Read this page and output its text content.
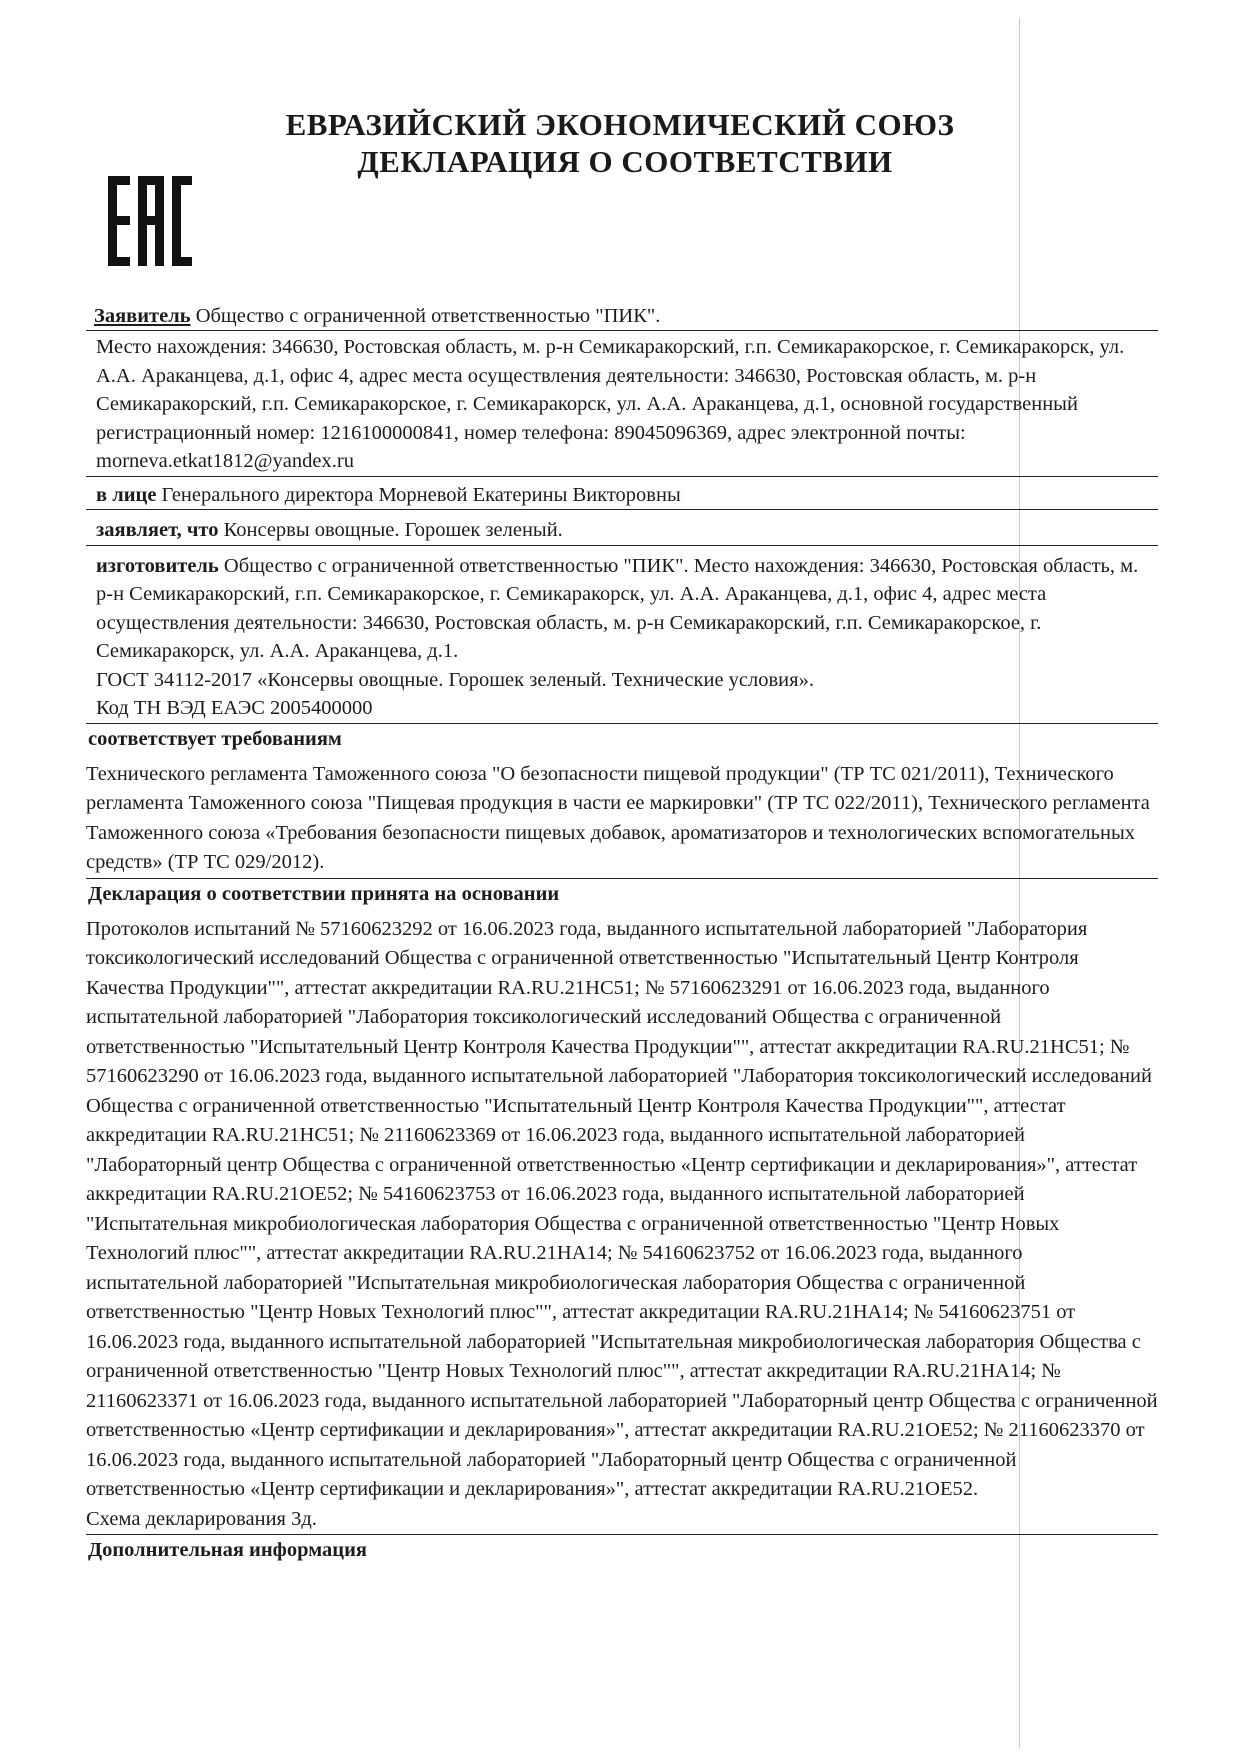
ЕВРАЗИЙСКИЙ ЭКОНОМИЧЕСКИЙ СОЮЗ
ДЕКЛАРАЦИЯ О СООТВЕТСТВИИ
Заявитель Общество с ограниченной ответственностью "ПИК".
Место нахождения: 346630, Ростовская область, м. р-н Семикаракорский, г.п. Семикаракорское, г. Семикаракорск, ул. А.А. Араканцева, д.1, офис 4, адрес места осуществления деятельности: 346630, Ростовская область, м. р-н Семикаракорский, г.п. Семикаракорское, г. Семикаракорск, ул. А.А. Араканцева, д.1, основной государственный регистрационный номер: 1216100000841, номер телефона: 89045096369, адрес электронной почты: morneva.etkat1812@yandex.ru
в лице Генерального директора Морневой Екатерины Викторовны
заявляет, что Консервы овощные. Горошек зеленый.
изготовитель Общество с ограниченной ответственностью "ПИК". Место нахождения: 346630, Ростовская область, м. р-н Семикаракорский, г.п. Семикаракорское, г. Семикаракорск, ул. А.А. Араканцева, д.1, офис 4, адрес места осуществления деятельности: 346630, Ростовская область, м. р-н Семикаракорский, г.п. Семикаракорское, г. Семикаракорск, ул. А.А. Араканцева, д.1.
ГОСТ 34112-2017 «Консервы овощные. Горошек зеленый. Технические условия».
Код ТН ВЭД ЕАЭС 2005400000
соответствует требованиям
Технического регламента Таможенного союза "О безопасности пищевой продукции" (ТР ТС 021/2011), Технического регламента Таможенного союза "Пищевая продукция в части ее маркировки" (ТР ТС 022/2011), Технического регламента Таможенного союза «Требования безопасности пищевых добавок, ароматизаторов и технологических вспомогательных средств» (ТР ТС 029/2012).
Декларация о соответствии принята на основании
Протоколов испытаний № 57160623292 от 16.06.2023 года, выданного испытательной лабораторией "Лаборатория токсикологический исследований Общества с ограниченной ответственностью "Испытательный Центр Контроля Качества Продукции"", аттестат аккредитации RA.RU.21НС51; № 57160623291 от 16.06.2023 года, выданного испытательной лабораторией "Лаборатория токсикологический исследований Общества с ограниченной ответственностью "Испытательный Центр Контроля Качества Продукции"", аттестат аккредитации RA.RU.21НС51; № 57160623290 от 16.06.2023 года, выданного испытательной лабораторией "Лаборатория токсикологический исследований Общества с ограниченной ответственностью "Испытательный Центр Контроля Качества Продукции"", аттестат аккредитации RA.RU.21НС51; № 21160623369 от 16.06.2023 года, выданного испытательной лабораторией "Лабораторный центр Общества с ограниченной ответственностью «Центр сертификации и декларирования»", аттестат аккредитации RA.RU.21ОЕ52; № 54160623753 от 16.06.2023 года, выданного испытательной лабораторией "Испытательная микробиологическая лаборатория Общества с ограниченной ответственностью "Центр Новых Технологий плюс"", аттестат аккредитации RA.RU.21НА14; № 54160623752 от 16.06.2023 года, выданного испытательной лабораторией "Испытательная микробиологическая лаборатория Общества с ограниченной ответственностью "Центр Новых Технологий плюс"", аттестат аккредитации RA.RU.21НА14; № 54160623751 от 16.06.2023 года, выданного испытательной лабораторией "Испытательная микробиологическая лаборатория Общества с ограниченной ответственностью "Центр Новых Технологий плюс"", аттестат аккредитации RA.RU.21НА14; № 21160623371 от 16.06.2023 года, выданного испытательной лабораторией "Лабораторный центр Общества с ограниченной ответственностью «Центр сертификации и декларирования»", аттестат аккредитации RA.RU.21ОЕ52; № 21160623370 от 16.06.2023 года, выданного испытательной лабораторией "Лабораторный центр Общества с ограниченной ответственностью «Центр сертификации и декларирования»", аттестат аккредитации RA.RU.21ОЕ52.
Схема декларирования 3д.
Дополнительная информация
